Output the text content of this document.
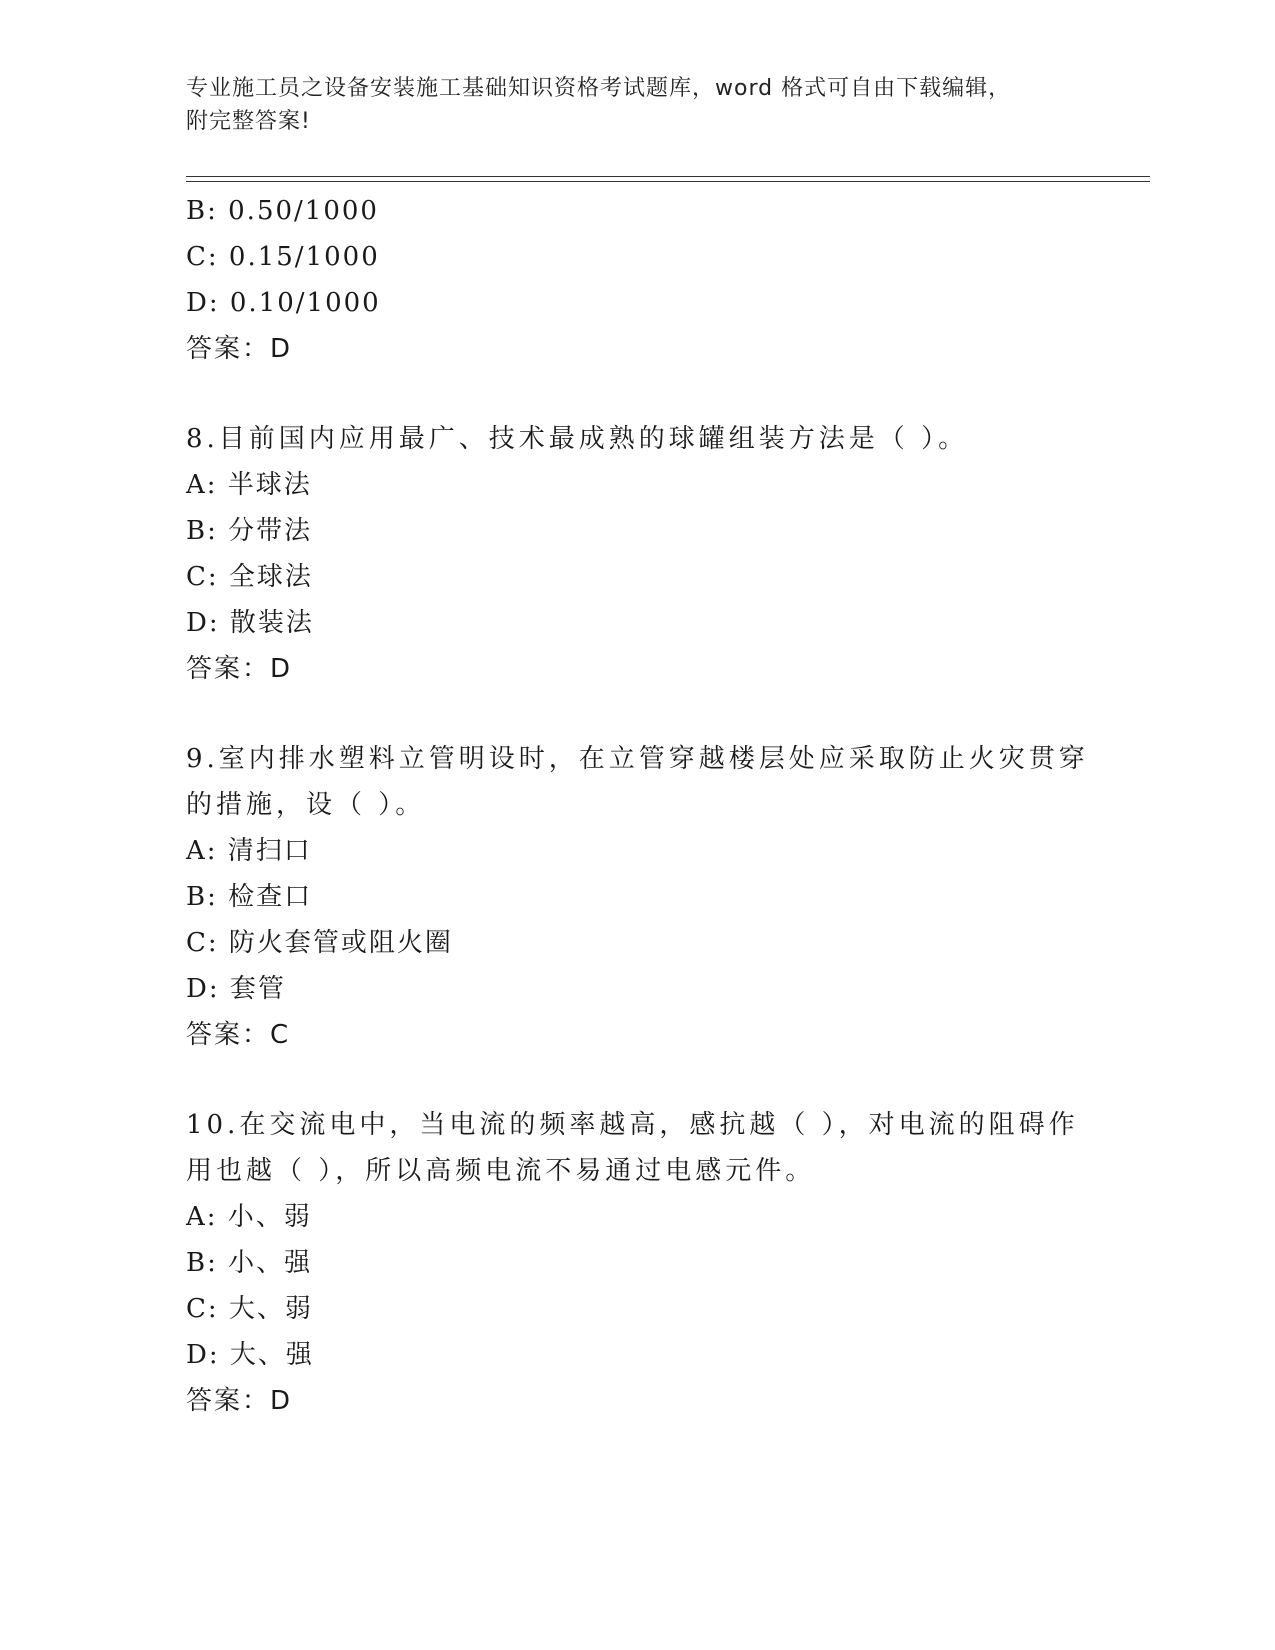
专业施工员之设备安装施工基础知识资格考试题库，word 格式可自由下载编辑，
附完整答案!
B: 0.50/1000
C: 0.15/1000
D: 0.10/1000
答案：D
8.目前国内应用最广、技术最成熟的球罐组装方法是（ ）。
A: 半球法
B: 分带法
C: 全球法
D: 散装法
答案：D
9.室内排水塑料立管明设时，在立管穿越楼层处应采取防止火灾贯穿
的措施，设（ ）。
A: 清扫口
B: 检查口
C: 防火套管或阻火圈
D: 套管
答案：C
10.在交流电中，当电流的频率越高，感抗越（ ），对电流的阻碍作
用也越（ ），所以高频电流不易通过电感元件。
A: 小、弱
B: 小、强
C: 大、弱
D: 大、强
答案：D
